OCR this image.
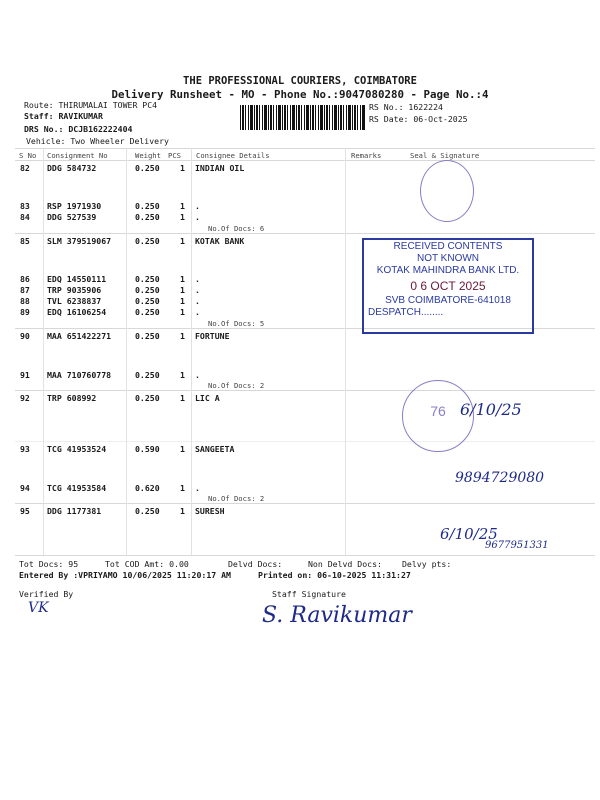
THE PROFESSIONAL COURIERS, COIMBATORE
Delivery Runsheet - MO - Phone No.:9047080280 - Page No.:4
Route: THIRUMALAI TOWER PC4
Staff: RAVIKUMAR
DRS No.: DCJB162222404
Vehicle: Two Wheeler Delivery
RS No.: 1622224
RS Date: 06-Oct-2025
S No Consignment No	Weight PCS Consignee Details	Remarks	Seal & Signature
82 DDG 584732	0.250 1 INDIAN OIL
83 RSP 1971930	0.250 1 .
84 DDG 527539	0.250 1 .
85 SLM 379519067	0.250 1 KOTAK BANK
86 EDQ 14550111	0.250 1 .
87 TRP 9035906	0.250 1 .
88 TVL 6238837	0.250 1 .
89 EDQ 16106254	0.250 1 .
90 MAA 651422271	0.250 1 FORTUNE
91 MAA 710760778	0.250 1 .
92 TRP 608992	0.250 1 LIC A
93 TCG 41953524	0.590 1 SANGEETA
94 TCG 41953584	0.620 1 .
95 DDG 1177381	0.250 1 SURESH
No.Of Docs: 6
No.Of Docs: 5
No.Of Docs: 2
No.Of Docs: 2
RECEIVED CONTENTS
NOT KNOWN
KOTAK MAHINDRA BANK LTD.
0 6 OCT 2025
SVB COIMBATORE-641018
DESPATCH........
76 6/10/25
9894729080
6/10/25
9677951331
Tot Docs: 95	Tot COD Amt: 0.00	Delvd Docs:	Non Delvd Docs: Delvy pts:
Entered By :VPRIYAMO 10/06/2025 11:20:17 AM	Printed on: 06-10-2025 11:31:27
Verified By	Staff Signature
VK	S. Ravikumar
